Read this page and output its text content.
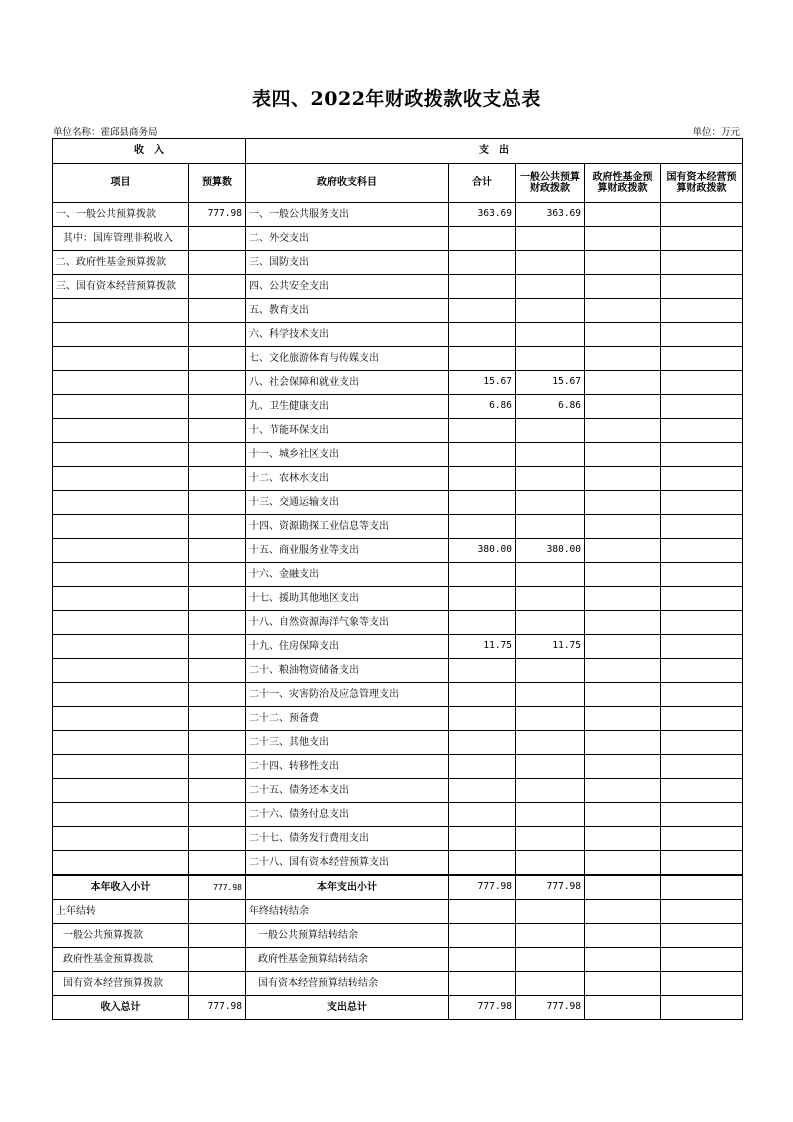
表四、2022年财政拨款收支总表
单位名称：霍邱县商务局	单位：万元
收　入		支　出				
项目	预算数	政府收支科目	合计	一般公共预算财政拨款	政府性基金预算财政拨款	国有资本经营预算财政拨款
一、一般公共预算拨款	777.98	一、一般公共服务支出	363.69	363.69		
其中：国库管理非税收入		二、外交支出				
二、政府性基金预算拨款		三、国防支出				
三、国有资本经营预算拨款		四、公共安全支出				
		五、教育支出				
		六、科学技术支出				
		七、文化旅游体育与传媒支出				
		八、社会保障和就业支出	15.67	15.67		
		九、卫生健康支出	6.86	6.86		
		十、节能环保支出				
		十一、城乡社区支出				
		十二、农林水支出				
		十三、交通运输支出				
		十四、资源勘探工业信息等支出				
		十五、商业服务业等支出	380.00	380.00		
		十六、金融支出				
		十七、援助其他地区支出				
		十八、自然资源海洋气象等支出				
		十九、住房保障支出	11.75	11.75		
		二十、粮油物资储备支出				
		二十一、灾害防治及应急管理支出				
		二十二、预备费				
		二十三、其他支出				
		二十四、转移性支出				
		二十五、债务还本支出				
		二十六、债务付息支出				
		二十七、债务发行费用支出				
		二十八、国有资本经营预算支出				
本年收入小计	777.98	本年支出小计	777.98	777.98		
上年结转		年终结转结余				
一般公共预算拨款		一般公共预算结转结余				
政府性基金预算拨款		政府性基金预算结转结余				
国有资本经营预算拨款		国有资本经营预算结转结余				
收入总计	777.98	支出总计	777.98	777.98		
